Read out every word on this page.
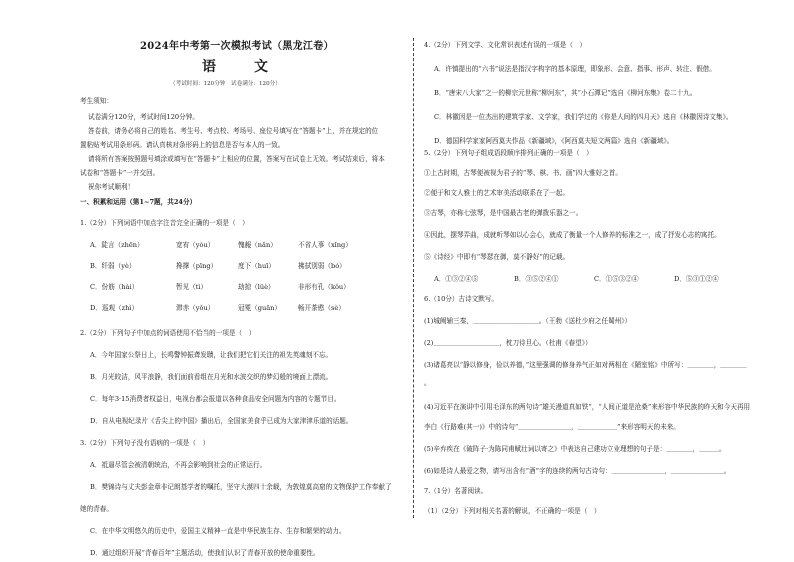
2024年中考第一次模拟考试（黑龙江卷）
语　文
（考试时间：120分钟　试卷满分：120分）
考生须知：
试卷满分120分，考试时间120分钟。
答卷前，请务必将自己的姓名、考生号、考点校、考场号、座位号填写在“答题卡”上，并在规定的位
置粘贴考试用条形码。请认真核对条形码上的信息是否与本人的一致。
请将所有答案按照题号填涂或填写在“答题卡”上相应的位置，答案写在试卷上无效。考试结束后，将本
试卷和“答题卡”一并交回。
祝你考试顺利！
一、积累和运用（第1~7题，共24分）
1.（2分）下列词语中加点字注音完全正确的一项是（　）
A．陡言（zhēn）	宽宥（yòu）	愧赧（nǎn）	不省人事（xǐng）
B．纤弱（yè）	搀撑（pīng）	度下（huī）	拂拭别弱（bó）
C．份筋（hài）	暂见（tì）	劫掠（lüè）	非形有孔（kǒu）
D．巡观（zhì）	滞赤（yǒu）	冠冕（guān）	畅开茶憨（sè）
2.（2分）下列句子中加点的词语使用不恰当的一项是（　）
A．今年国家公祭日上，长鸣警钟振聋发聩，让我们把它们关注的祖先英魂刻不忘。
B．月光皎洁，风平浪静，我们面前看组在月光和水波交织的梦幻般的境面上漂流。
C．每年3·15消费者权益日，电视台都会报道以各种食品安全问题为内容的专题节目。
D．自从电视纪录片《舌尖上的中国》播出后，全国家美食乎已成为大家津津乐道的话题。
3.（2分）下列句子没有语病的一项是（　）
A．祗逼尽管会被清朝统治，不再会影响到社会的正常运行。
B．樊锦诗与丈夫彭金章非记朗基学者的嘱托，坚守大漠四十余载，为敦煌莫高窟的文物保护工作奉献了
她的青春。
C．在中华文明悠久的历史中，爱国主义精神一直是中华民族生存、生存和繁荣的动力。
D．通过组织开展“青春百年”主题活动，使我们认识了青春开放的使命重要性。
4.（2分）下列文学、文化常识表述有误的一项是（　）
A．许慎提出的“六书”说法是指汉字构字的基本原理，即象形、会意、指事、形声、转注、假借。
B．“唐宋八大家”之一的柳宗元世称“柳河东”，其“小石潭记”选自《柳河东集》卷二十九。
C．林徽因是一位杰出的建筑学家、文学家，我们学过的《你是人间的四月天》选自《林徽因诗文集》。
D．德国科学家家阿西莫夫作品《新疆域》，《阿西莫夫短文两篇》选自《新疆域》。
5.（2分）下列句子组成语段顺序排列正确的一项是（　）
①上古时期，古琴便被视为君子的“琴、棋、书、画”四大雅好之首。
②便于和文人雅士的艺术审美活动联系在了一起。
③古琴，亦称七弦琴，是中国最古老的弹拨乐器之一。
④因此，摆琴弄曲，成就听琴如以心会心，就成了衡量一个人修养的标准之一，成了抒发心志的寓托。
⑤《诗经》中即有“琴瑟在御，莫不静好”的记载。
A．①③②④⑤	B．③⑤②④①	C．①⑤③②④	D．⑤③①②④
6.（10分）古诗文默写。
(1)城阙辅三秦，＿＿＿＿＿＿＿＿＿＿。（王勃《送杜少府之任蜀州》）
(2)＿＿＿＿＿＿＿＿＿＿，枕刀待旦心。（杜甫《春望》）
(3)诸葛亮以“静以修身，俭以养德，”这里强调的修身养气正如对两相在《陋室铭》中所写：＿＿＿＿，＿＿＿＿
。
(4)习近平在演讲中引用毛泽东的两句诗“雄关漫道真如铁”，“人间正道是沧桑”来形容中华民族的昨天和今天再用
李白《行路难(其一)》中的诗句“＿＿＿＿＿＿＿＿，＿＿＿＿＿＿”来形容明天的未来。
(5)辛弃疾在《破阵子·为陈同甫赋壮词以寄之》中表达自己建功立业理想的句子是：＿＿＿＿，＿＿＿。
(6)如是诗人最爱之物，请写出含有“酒”字的连续的两句古诗句：＿＿＿＿＿＿＿＿，＿＿＿＿＿＿＿＿。
7.（1分）名著阅读。
（1）（2分）下列对相关名著的解说，不正确的一项是（　）
